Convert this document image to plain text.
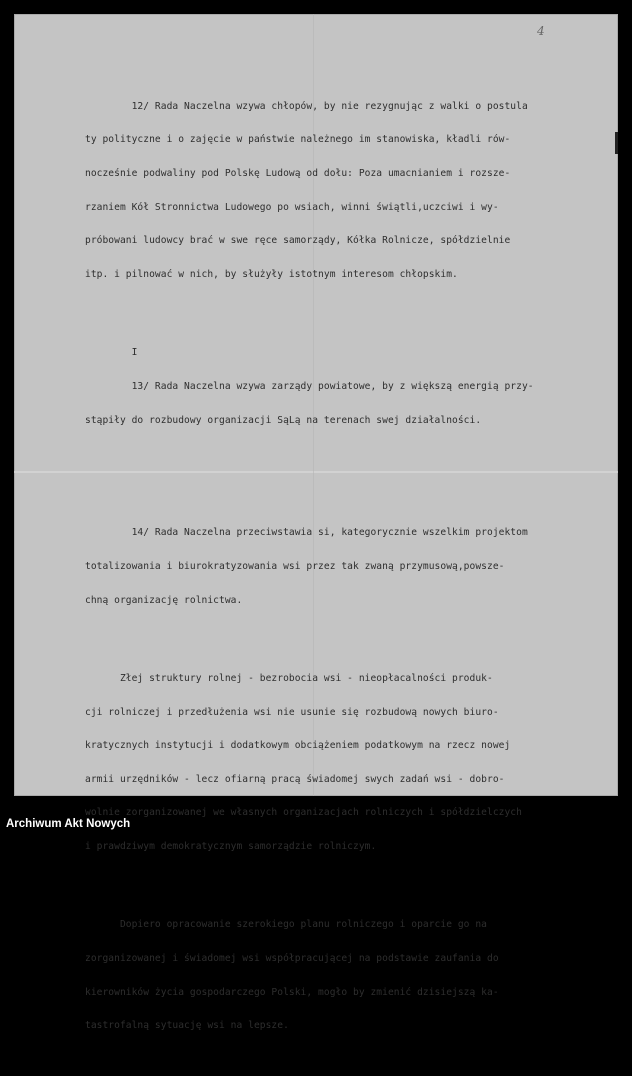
4

12/ Rada Naczelna wzywa chłopów, by nie rezygnując z walki o postula

ty polityczne i o zajęcie w państwie należnego im stanowiska, kładli rów-

nocześnie podwaliny pod Polskę Ludową od dołu: Poza umacnianiem i rozsze-

rzaniem Kół Stronnictwa Ludowego po wsiach, winni świątli,uczciwi i wy-

próbowani ludowcy brać w swe ręce samorządy, Kółka Rolnicze, spółdzielnie

itp. i pilnować w nich, by służyły istotnym interesom chłopskim.

I

13/ Rada Naczelna wzywa zarządy powiatowe, by z większą energią przy-

stąpiły do rozbudowy organizacji SąLą na terenach swej działalności.

14/ Rada Naczelna przeciwstawia si, kategorycznie wszelkim projektom

totalizowania i biurokratyzowania wsi przez tak zwaną przymusową,powsze-

chną organizację rolnictwa.

Złej struktury rolnej - bezrobocia wsi - nieopłacalności produk-

cji rolniczej i przedłużenia wsi nie usunie się rozbudową nowych biuro-

kratycznych instytucji i dodatkowym obciążeniem podatkowym na rzecz nowej

armii urzędników - lecz ofiarną pracą świadomej swych zadań wsi - dobro-

wolnie zorganizowanej we własnych organizacjach rolniczych i spółdzielczych

i prawdziwym demokratycznym samorządzie rolniczym.

Dopiero opracowanie szerokiego planu rolniczego i oparcie go na

zorganizowanej i świadomej wsi współpracującej na podstawie zaufania do

kierowników życia gospodarczego Polski, mogło by zmienić dzisiejszą ka-

tastrofalną sytuację wsi na lepsze.

Archiwum Akt Nowych
